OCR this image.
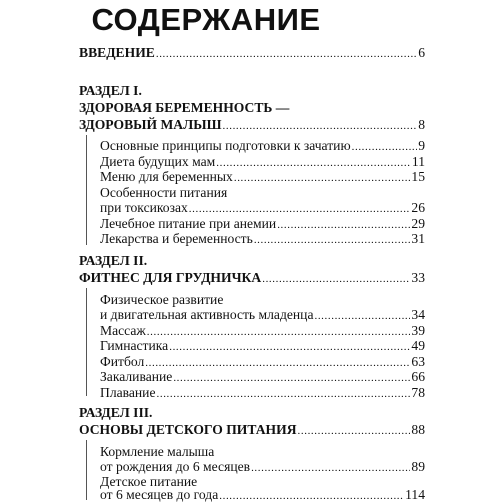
СОДЕРЖАНИЕ
ВВЕДЕНИЕ .....	6
РАЗДЕЛ I.
ЗДОРОВАЯ БЕРЕМЕННОСТЬ —
ЗДОРОВЫЙ МАЛЫШ .....	8
Основные принципы подготовки к зачатию .....	9
Диета будущих мам .....	11
Меню для беременных .....	15
Особенности питания
при токсикозах .....	26
Лечебное питание при анемии .....	29
Лекарства и беременность .....	31
РАЗДЕЛ II.
ФИТНЕС ДЛЯ ГРУДНИЧКА .....	33
Физическое развитие
и двигательная активность младенца .....	34
Массаж .....	39
Гимнастика .....	49
Фитбол .....	63
Закаливание .....	66
Плавание .....	78
РАЗДЕЛ III.
ОСНОВЫ ДЕТСКОГО ПИТАНИЯ .....	88
Кормление малыша
от рождения до 6 месяцев .....	89
Детское питание
от 6 месяцев до года .....	114
